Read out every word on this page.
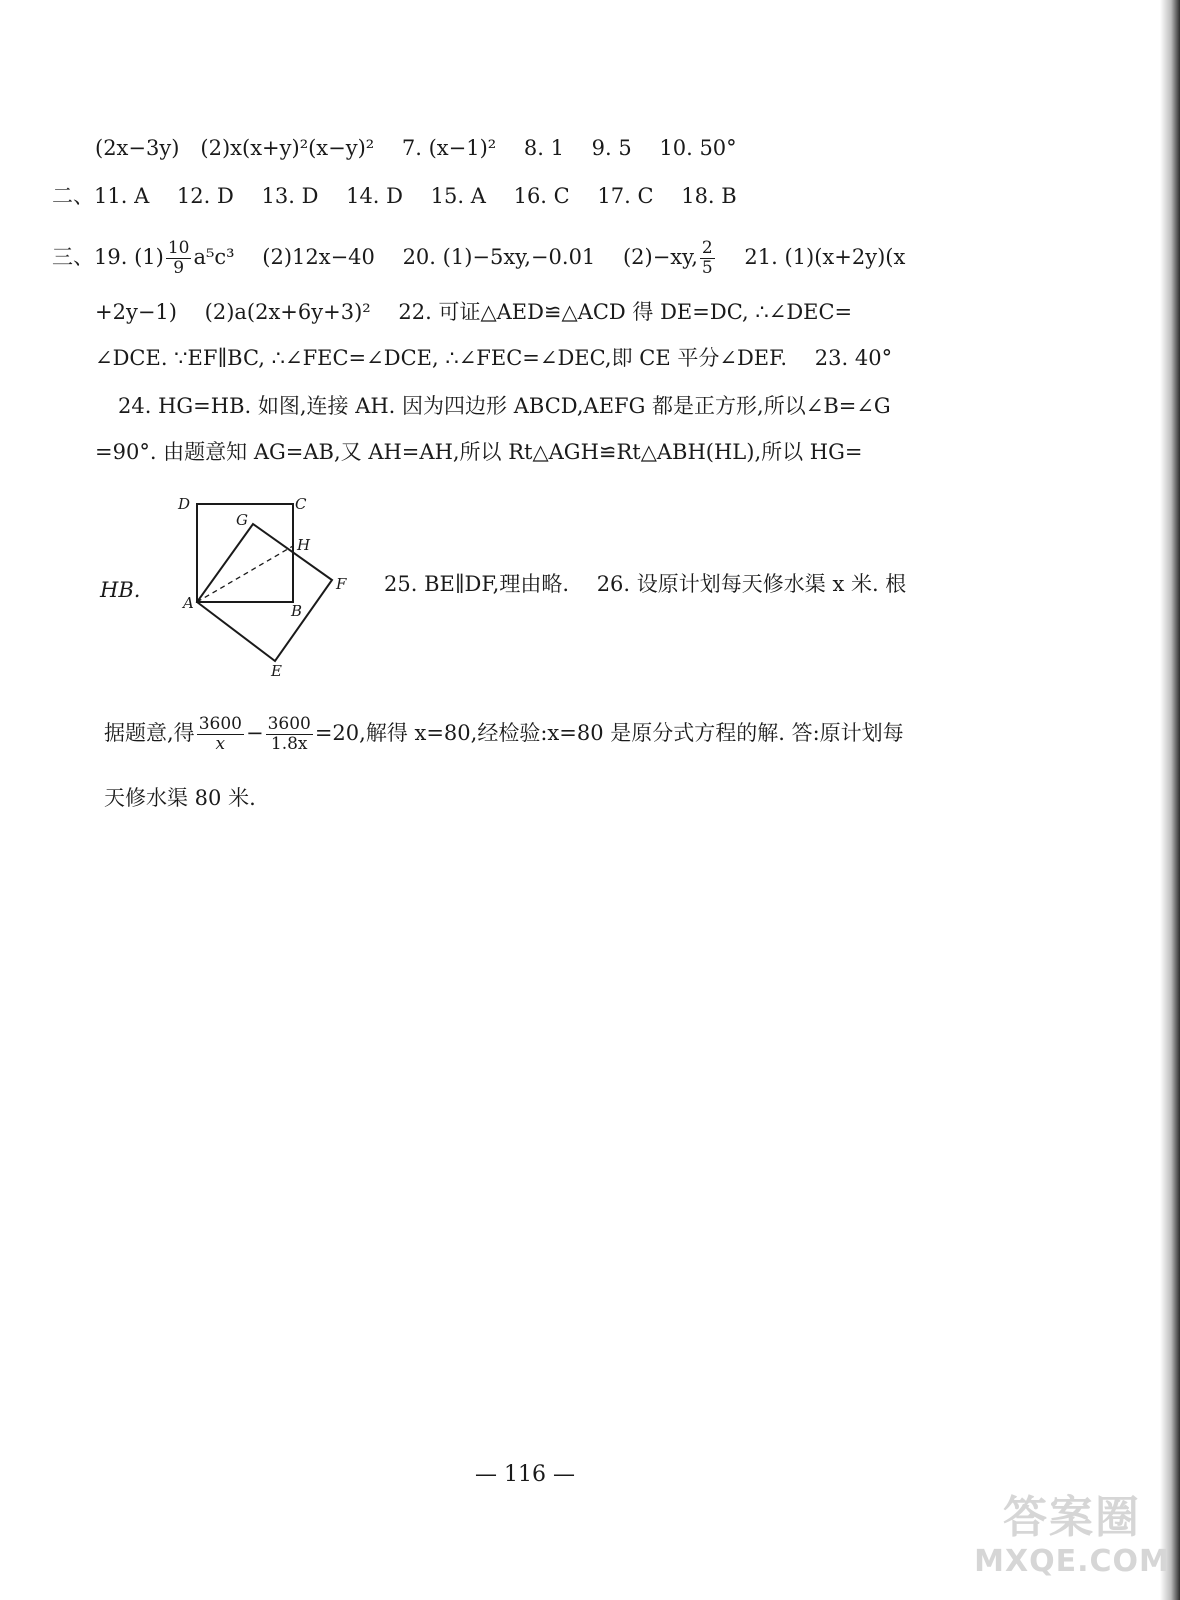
(2x−3y)　(2)x(x+y)²(x−y)²　 7. (x−1)²　 8. 1　 9. 5　 10. 50°
二、11. A　 12. D　 13. D　 14. D　 15. A　 16. C　 17. C　 18. B
三、19. $(1) \frac{10}{9} a^5c^3$　 (2)12x−40　 20. (1)−5xy,−0.01　 (2)−xy, $\frac{2}{5}$ 　 21. (1)(x+2y)(x
+2y−1)　 (2)a(2x+6y+3)²　 22. 可证△AED≌△ACD 得 DE=DC, ∴∠DEC=
∠DCE. ∵EF∥BC, ∴∠FEC=∠DCE, ∴∠FEC=∠DEC,即 CE 平分∠DEF.　 23. 40°
24. HG=HB. 如图,连接 AH. 因为四边形 ABCD,AEFG 都是正方形,所以∠B=∠G
=90°. 由题意知 AG=AB,又 AH=AH,所以 Rt△AGH≌Rt△ABH(HL),所以 HG=
HB.
D	C
G
H
F
A	B
E
25. BE∥DF,理由略.　 26. 设原计划每天修水渠 x 米. 根
据题意,得 $\frac{3600}{x} - \frac{3600}{1.8x} =20$,解得 x=80,经检验:x=80 是原分式方程的解. 答:原计划每
天修水渠 80 米.
— 116 —
答案圈
MXQE.COM
